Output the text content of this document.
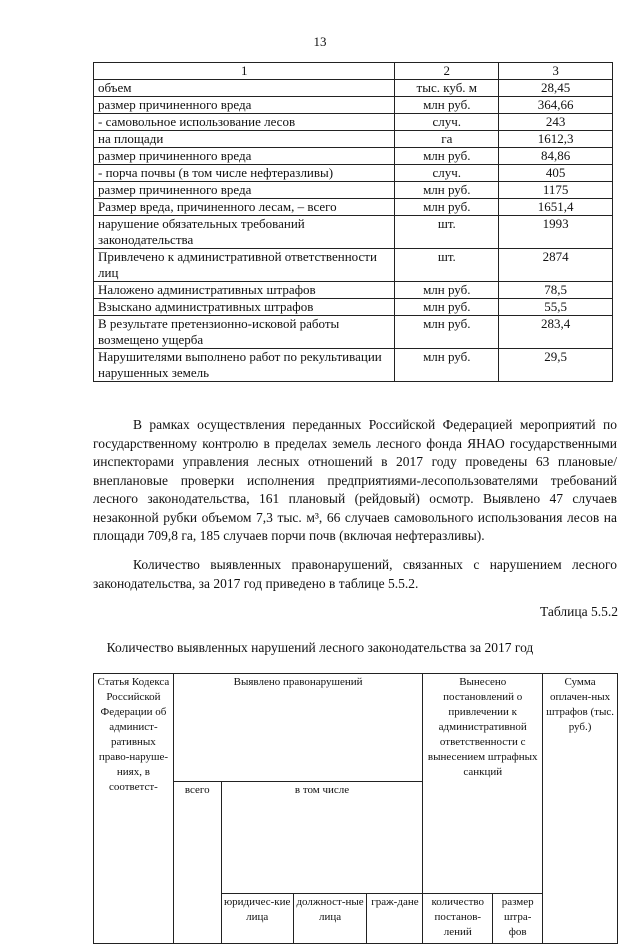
13
1	2	3
объем	тыс. куб. м	28,45
размер причиненного вреда	млн руб.	364,66
- самовольное использование лесов	случ.	243
на площади	га	1612,3
размер причиненного вреда	млн руб.	84,86
- порча почвы (в том числе нефтеразливы)	случ.	405
размер причиненного вреда	млн руб.	1175
Размер вреда, причиненного лесам, – всего	млн руб.	1651,4
нарушение обязательных требований законодательства	шт.	1993
Привлечено к административной ответственности лиц	шт.	2874
Наложено административных штрафов	млн руб.	78,5
Взыскано административных штрафов	млн руб.	55,5
В результате претензионно-исковой работы возмещено ущерба	млн руб.	283,4
Нарушителями выполнено работ по рекультивации нарушенных земель	млн руб.	29,5

В рамках осуществления переданных Российской Федерацией мероприятий по государственному контролю в пределах земель лесного фонда ЯНАО государственными инспекторами управления лесных отношений в 2017 году проведены 63 плановые/внеплановые проверки исполнения предприятиями-лесопользователями требований лесного законодательства, 161 плановый (рейдовый) осмотр. Выявлено 47 случаев незаконной рубки объемом 7,3 тыс. м³, 66 случаев самовольного использования лесов на площади 709,8 га, 185 случаев порчи почв (включая нефтеразливы).

Количество выявленных правонарушений, связанных с нарушением лесного законодательства, за 2017 год приведено в таблице 5.5.2.

Таблица 5.5.2
Количество выявленных нарушений лесного законодательства за 2017 год
Статья Кодекса Российской Федерации об админист-ративных право-наруше-ниях, в соответст-	Выявлено правонарушений				Вынесено постановлений о привлечении к административной ответственности с вынесением штрафных санкций		Сумма оплачен-ных штрафов (тыс. руб.)
	всего	в том числе					
		юридичес-кие лица	должност-ные лица	граж-дане	количество постанов-лений	размер штра-фов	
